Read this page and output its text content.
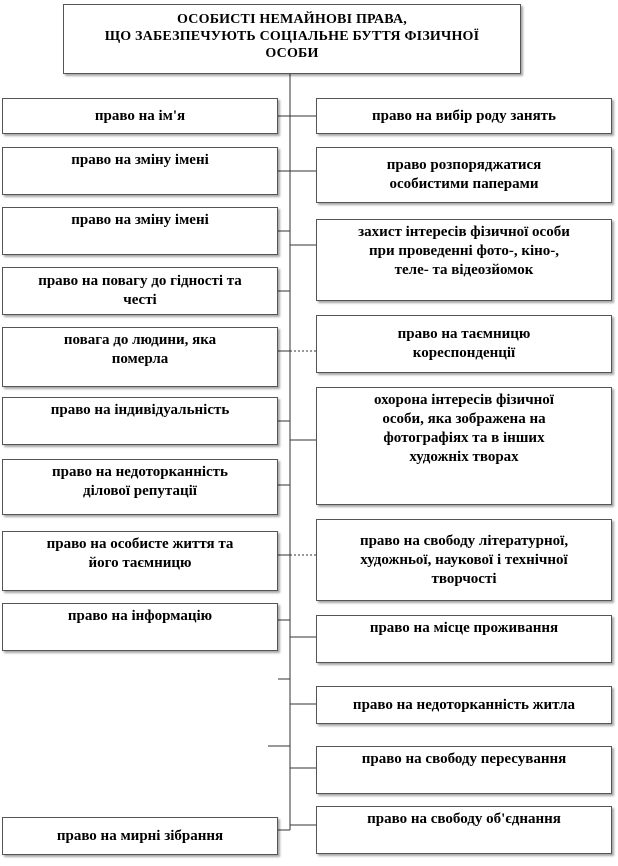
ОСОБИСТІ НЕМАЙНОВІ ПРАВА,
ЩО ЗАБЕЗПЕЧУЮТЬ СОЦІАЛЬНЕ БУТТЯ ФІЗИЧНОЇ
ОСОБИ
право на ім'я
право на зміну імені
право на зміну імені
право на повагу до гідності та
честі
повага до людини, яка
померла
право на індивідуальність
право на недоторканність
ділової репутації
право на особисте життя та
його таємницю
право на інформацію
право на мирні зібрання
право на вибір роду занять
право розпоряджатися
особистими паперами
захист інтересів фізичної особи
при проведенні фото-, кіно-,
теле- та відеозйомок
право на таємницю
кореспонденції
охорона інтересів фізичної
особи, яка зображена на
фотографіях та в інших
художніх творах
право на свободу літературної,
художньої, наукової і технічної
творчості
право на місце проживання
право на недоторканність житла
право на свободу пересування
право на свободу об'єднання
